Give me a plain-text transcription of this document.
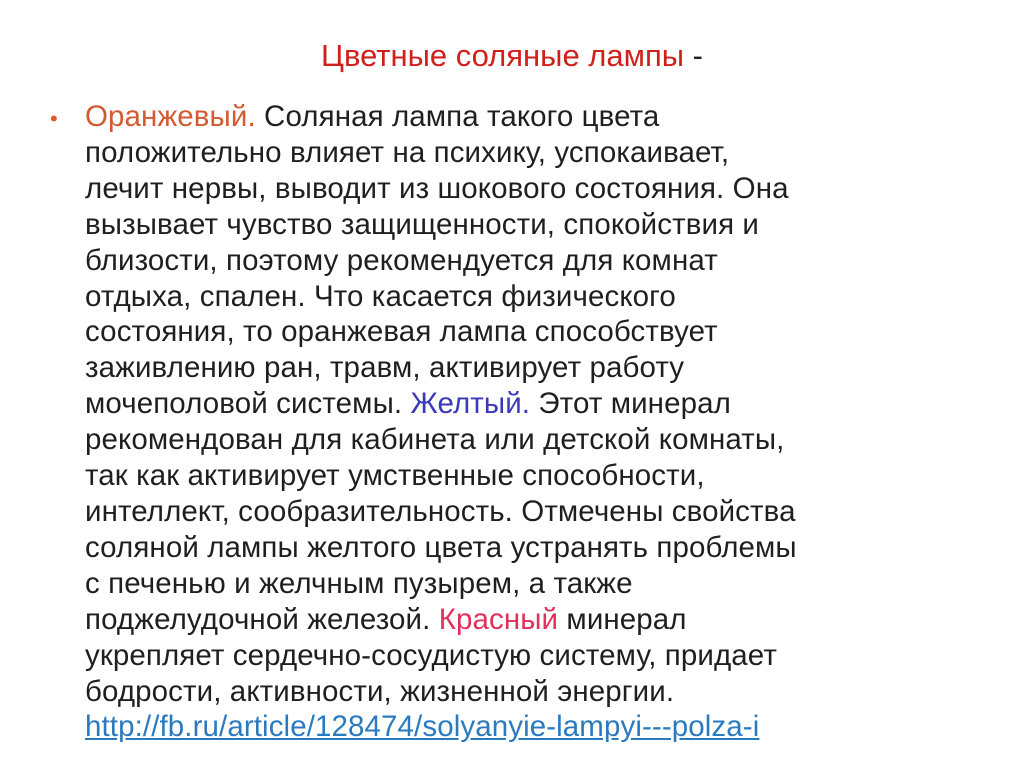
Цветные соляные лампы -
• Оранжевый. Соляная лампа такого цвета
положительно влияет на психику, успокаивает,
лечит нервы, выводит из шокового состояния. Она
вызывает чувство защищенности, спокойствия и
близости, поэтому рекомендуется для комнат
отдыха, спален. Что касается физического
состояния, то оранжевая лампа способствует
заживлению ран, травм, активирует работу
мочеполовой системы. Желтый. Этот минерал
рекомендован для кабинета или детской комнаты,
так как активирует умственные способности,
интеллект, сообразительность. Отмечены свойства
соляной лампы желтого цвета устранять проблемы
с печенью и желчным пузырем, а также
поджелудочной железой. Красный минерал
укрепляет сердечно-сосудистую систему, придает
бодрости, активности, жизненной энергии.
http://fb.ru/article/128474/solyanyie-lampyi---polza-i
